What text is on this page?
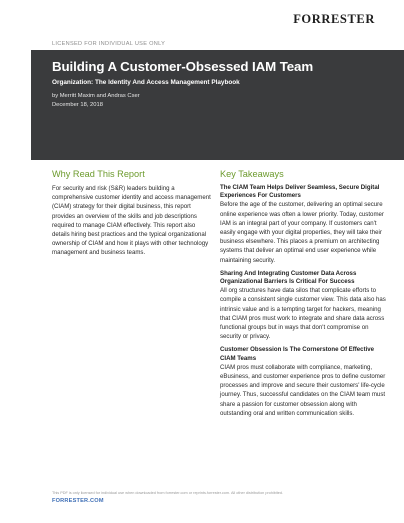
FORRESTER
LICENSED FOR INDIVIDUAL USE ONLY
Building A Customer-Obsessed IAM Team
Organization: The Identity And Access Management Playbook
by Merritt Maxim and Andras Cser
December 18, 2018
Why Read This Report

For security and risk (S&R) leaders building a comprehensive customer identity and access management (CIAM) strategy for their digital business, this report provides an overview of the skills and job descriptions required to manage CIAM effectively. This report also details hiring best practices and the typical organizational ownership of CIAM and how it plays with other technology management and business teams.

Key Takeaways

The CIAM Team Helps Deliver Seamless, Secure Digital Experiences For Customers

Before the age of the customer, delivering an optimal secure online experience was often a lower priority. Today, customer IAM is an integral part of your company. If customers can't easily engage with your digital properties, they will take their business elsewhere. This places a premium on architecting systems that deliver an optimal end user experience while maintaining security.

Sharing And Integrating Customer Data Across Organizational Barriers Is Critical For Success

All org structures have data silos that complicate efforts to compile a consistent single customer view. This data also has intrinsic value and is a tempting target for hackers, meaning that CIAM pros must work to integrate and share data across functional groups but in ways that don't compromise on security or privacy.

Customer Obsession Is The Cornerstone Of Effective CIAM Teams

CIAM pros must collaborate with compliance, marketing, eBusiness, and customer experience pros to define customer processes and improve and secure their customers' life-cycle journey. Thus, successful candidates on the CIAM team must share a passion for customer obsession along with outstanding oral and written communication skills.

This PDF is only licensed for individual use when downloaded from forrester.com or reprints.forrester.com. All other distribution prohibited.
FORRESTER.COM
